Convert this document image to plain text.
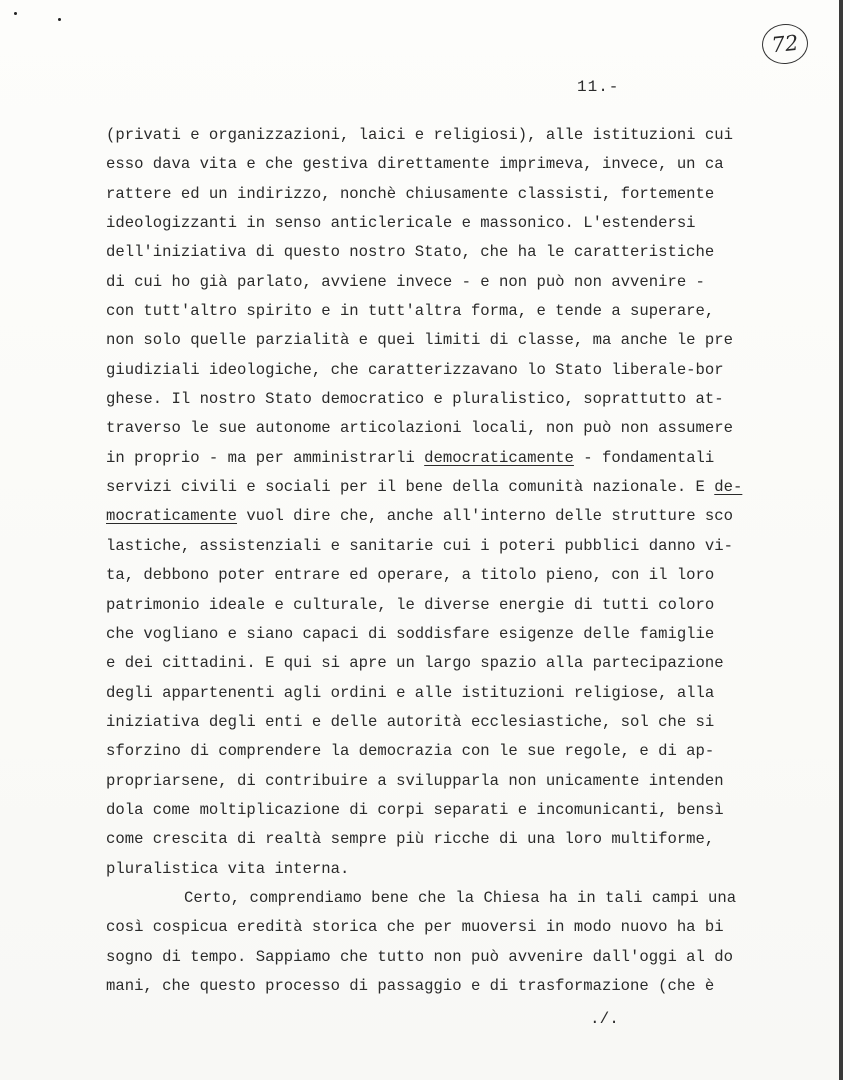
72
11.-
(privati e organizzazioni, laici e religiosi), alle istituzioni cui
esso dava vita e che gestiva direttamente imprimeva, invece, un ca
rattere ed un indirizzo, nonchè chiusamente classisti, fortemente
ideologizzanti in senso anticlericale e massonico. L'estendersi
dell'iniziativa di questo nostro Stato, che ha le caratteristiche
di cui ho già parlato, avviene invece - e non può non avvenire -
con tutt'altro spirito e in tutt'altra forma, e tende a superare,
non solo quelle parzialità e quei limiti di classe, ma anche le pre
giudiziali ideologiche, che caratterizzavano lo Stato liberale-bor
ghese. Il nostro Stato democratico e pluralistico, soprattutto at-
traverso le sue autonome articolazioni locali, non può non assumere
in proprio - ma per amministrarli democraticamente - fondamentali
servizi civili e sociali per il bene della comunità nazionale. E de-
mocraticamente vuol dire che, anche all'interno delle strutture sco
lastiche, assistenziali e sanitarie cui i poteri pubblici danno vi-
ta, debbono poter entrare ed operare, a titolo pieno, con il loro
patrimonio ideale e culturale, le diverse energie di tutti coloro
che vogliano e siano capaci di soddisfare esigenze delle famiglie
e dei cittadini. E qui si apre un largo spazio alla partecipazione
degli appartenenti agli ordini e alle istituzioni religiose, alla
iniziativa degli enti e delle autorità ecclesiastiche, sol che si
sforzino di comprendere la democrazia con le sue regole, e di ap-
propriarsene, di contribuire a svilupparla non unicamente intenden
dola come moltiplicazione di corpi separati e incomunicanti, bensì
come crescita di realtà sempre più ricche di una loro multiforme,
pluralistica vita interna.
Certo, comprendiamo bene che la Chiesa ha in tali campi una
così cospicua eredità storica che per muoversi in modo nuovo ha bi
sogno di tempo. Sappiamo che tutto non può avvenire dall'oggi al do
mani, che questo processo di passaggio e di trasformazione (che è
./.
